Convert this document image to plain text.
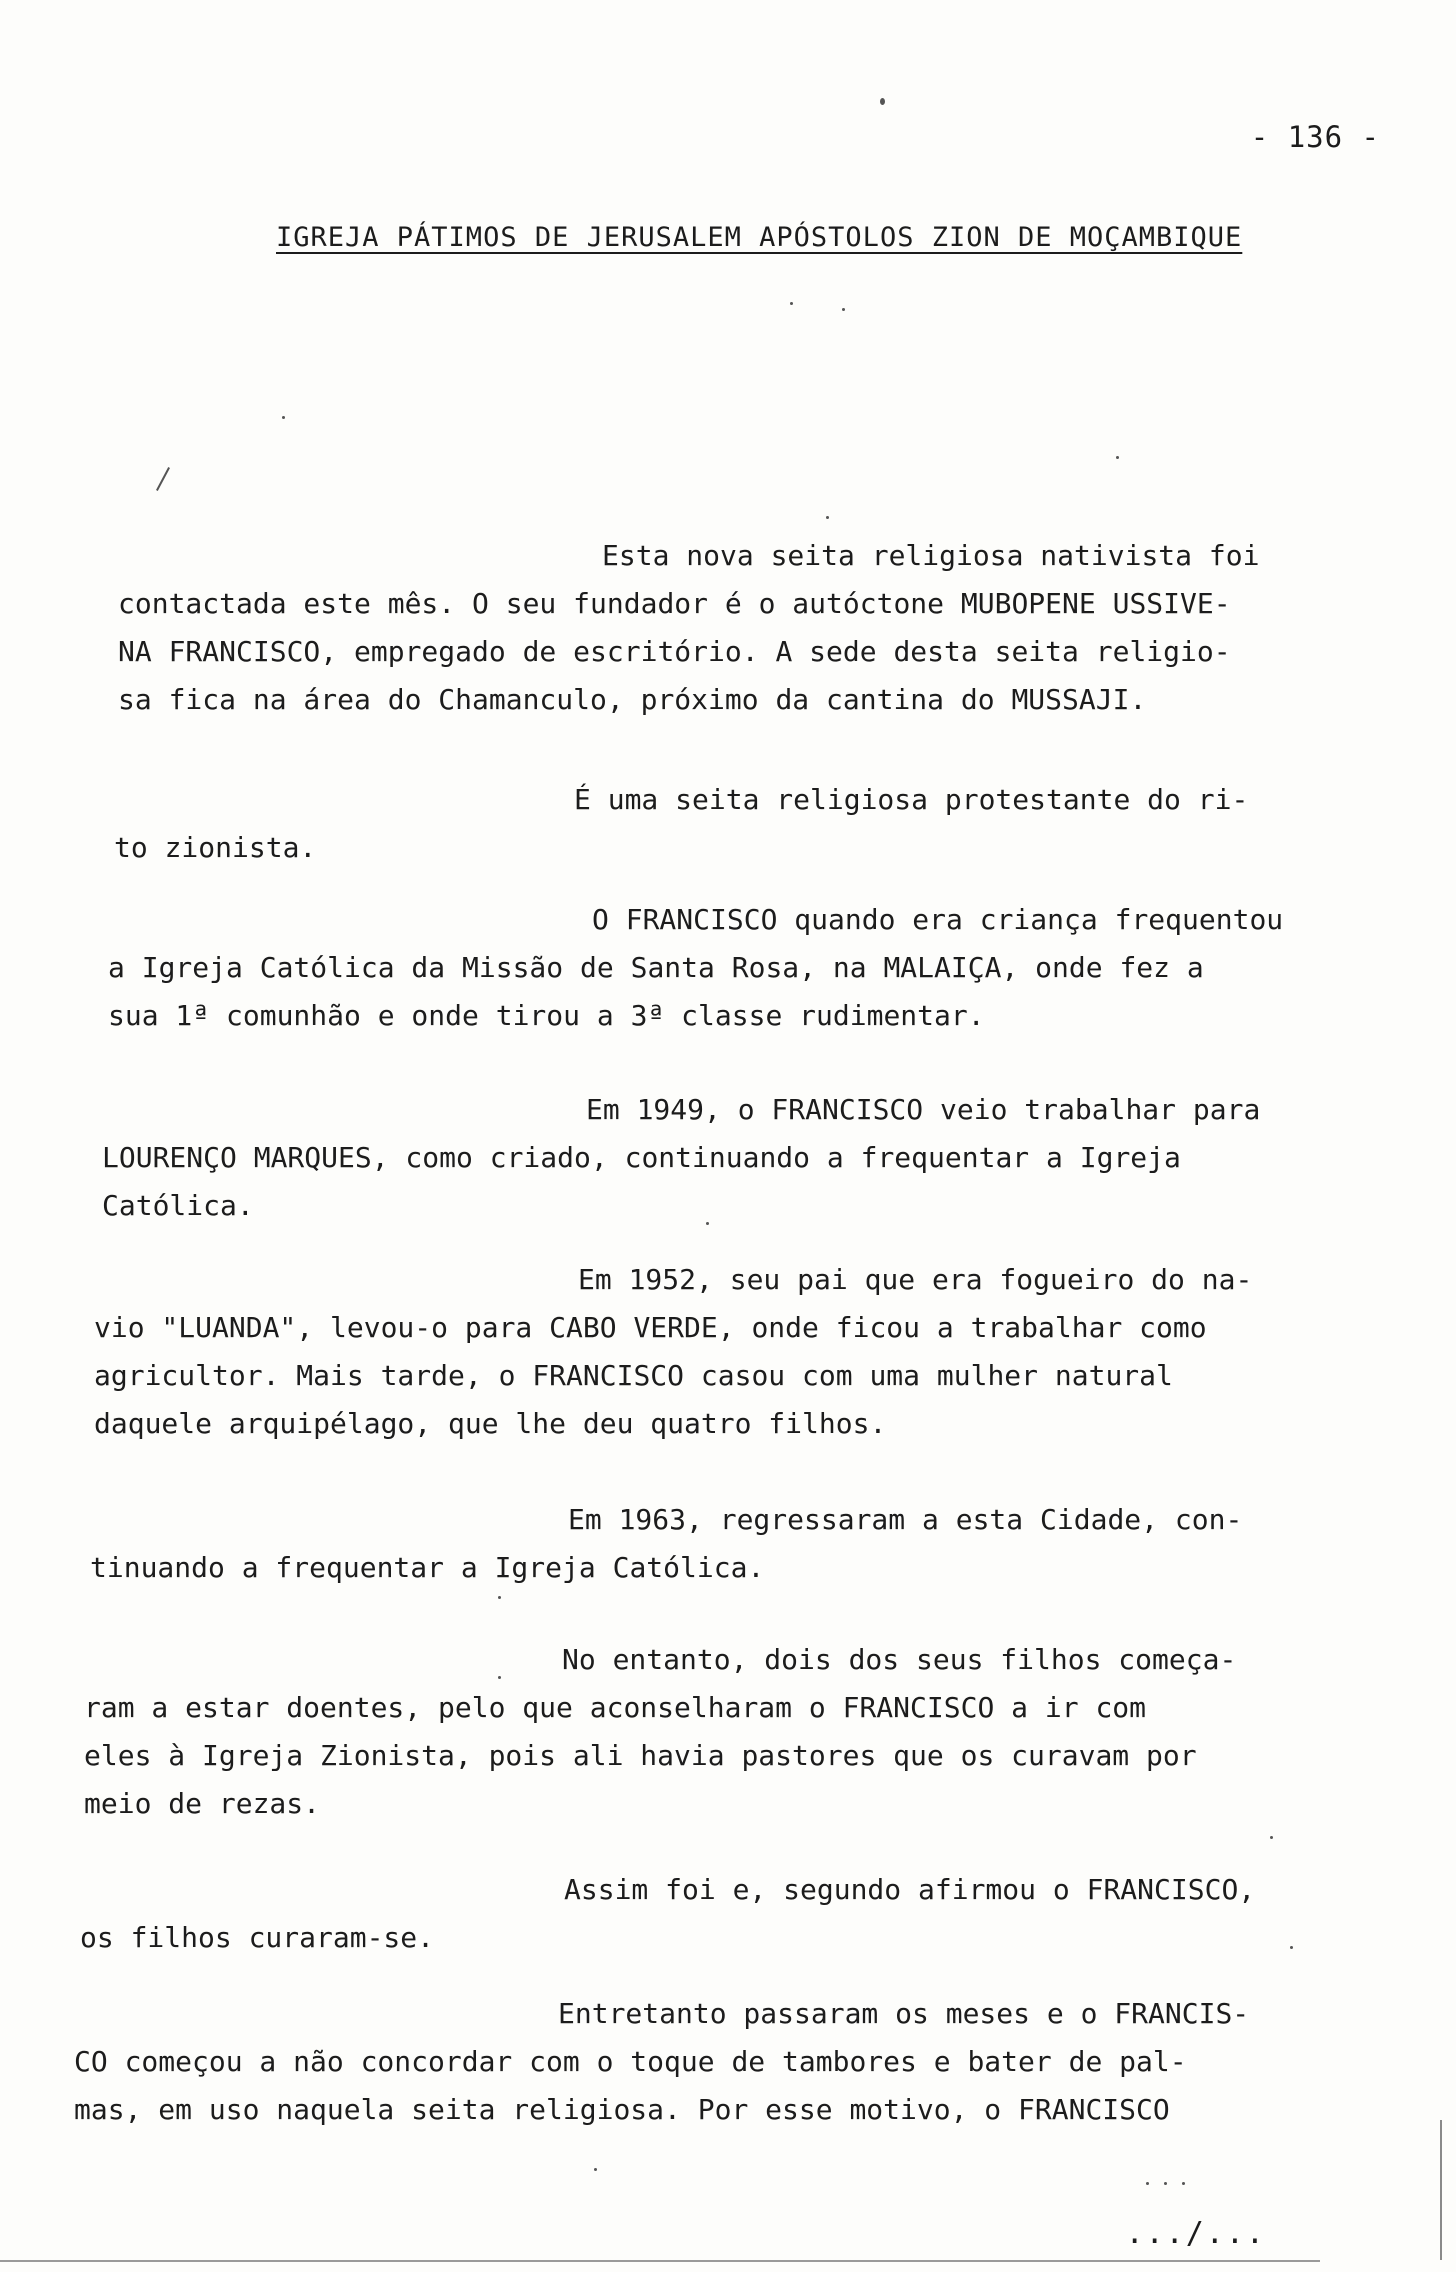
- 136 -
IGREJA PÁTIMOS DE JERUSALEM APÓSTOLOS ZION DE MOÇAMBIQUE
Esta nova seita religiosa nativista foi
contactada este mês. O seu fundador é o autóctone MUBOPENE USSIVE-
NA FRANCISCO, empregado de escritório. A sede desta seita religio-
sa fica na área do Chamanculo, próximo da cantina do MUSSAJI.
É uma seita religiosa protestante do ri-
to zionista.
O FRANCISCO quando era criança frequentou
a Igreja Católica da Missão de Santa Rosa, na MALAIÇA, onde fez a
sua 1ª comunhão e onde tirou a 3ª classe rudimentar.
Em 1949, o FRANCISCO veio trabalhar para
LOURENÇO MARQUES, como criado, continuando a frequentar a Igreja
Católica.
Em 1952, seu pai que era fogueiro do na-
vio "LUANDA", levou-o para CABO VERDE, onde ficou a trabalhar como
agricultor. Mais tarde, o FRANCISCO casou com uma mulher natural
daquele arquipélago, que lhe deu quatro filhos.
Em 1963, regressaram a esta Cidade, con-
tinuando a frequentar a Igreja Católica.
No entanto, dois dos seus filhos começa-
ram a estar doentes, pelo que aconselharam o FRANCISCO a ir com
eles à Igreja Zionista, pois ali havia pastores que os curavam por
meio de rezas.
Assim foi e, segundo afirmou o FRANCISCO,
os filhos curaram-se.
Entretanto passaram os meses e o FRANCIS-
CO começou a não concordar com o toque de tambores e bater de pal-
mas, em uso naquela seita religiosa. Por esse motivo, o FRANCISCO
.../...
